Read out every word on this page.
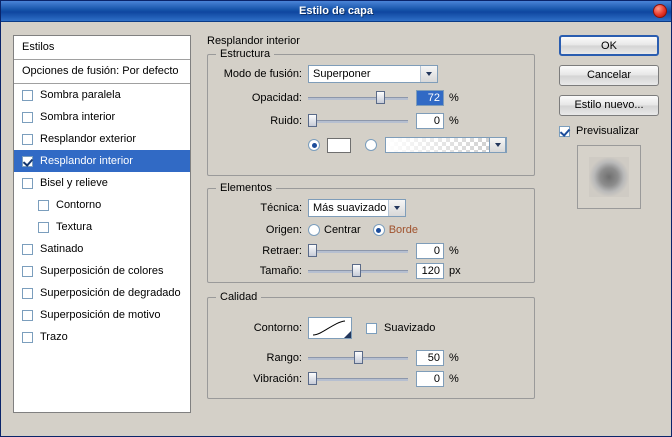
Estilo de capa
Estilos
Opciones de fusión: Por defecto
Sombra paralela
Sombra interior
Resplandor exterior
Resplandor interior
Bisel y relieve
Contorno
Textura
Satinado
Superposición de colores
Superposición de degradado
Superposición de motivo
Trazo
Resplandor interior
Estructura
Modo de fusión:	Superponer
Opacidad:	72 %
Ruido:	0 %
Elementos
Técnica:	Más suavizado
Origen:	Centrar	Borde
Retraer:	0 %
Tamaño:	120 px
Calidad
Contorno:	Suavizado
Rango:	50 %
Vibración:	0 %
OK
Cancelar
Estilo nuevo...
Previsualizar
